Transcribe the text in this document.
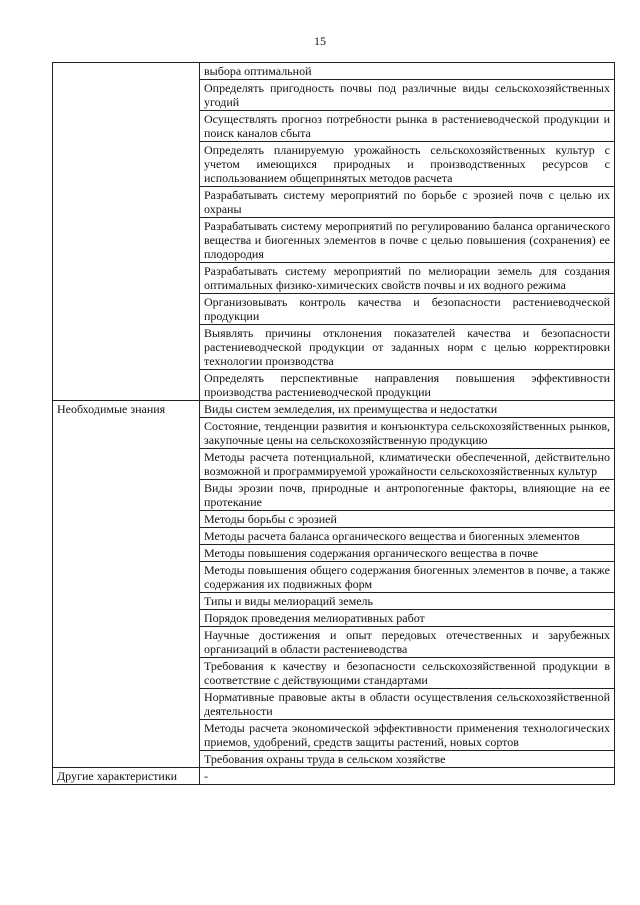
15
	выбора оптимальной
	Определять пригодность почвы под различные виды сельскохозяйственных угодий
	Осуществлять прогноз потребности рынка в растениеводческой продукции и поиск каналов сбыта
	Определять планируемую урожайность сельскохозяйственных культур с учетом имеющихся природных и производственных ресурсов с использованием общепринятых методов расчета
	Разрабатывать систему мероприятий по борьбе с эрозией почв с целью их охраны
	Разрабатывать систему мероприятий по регулированию баланса органического вещества и биогенных элементов в почве с целью повышения (сохранения) ее плодородия
	Разрабатывать систему мероприятий по мелиорации земель для создания оптимальных физико-химических свойств почвы и их водного режима
	Организовывать контроль качества и безопасности растениеводческой продукции
	Выявлять причины отклонения показателей качества и безопасности растениеводческой продукции от заданных норм с целью корректировки технологии производства
	Определять перспективные направления повышения эффективности производства растениеводческой продукции
Необходимые знания	Виды систем земледелия, их преимущества и недостатки
	Состояние, тенденции развития и конъюнктура сельскохозяйственных рынков, закупочные цены на сельскохозяйственную продукцию
	Методы расчета потенциальной, климатически обеспеченной, действительно возможной и программируемой урожайности сельскохозяйственных культур
	Виды эрозии почв, природные и антропогенные факторы, влияющие на ее протекание
	Методы борьбы с эрозией
	Методы расчета баланса органического вещества и биогенных элементов
	Методы повышения содержания органического вещества в почве
	Методы повышения общего содержания биогенных элементов в почве, а также содержания их подвижных форм
	Типы и виды мелиораций земель
	Порядок проведения мелиоративных работ
	Научные достижения и опыт передовых отечественных и зарубежных организаций в области растениеводства
	Требования к качеству и безопасности сельскохозяйственной продукции в соответствие с действующими стандартами
	Нормативные правовые акты в области осуществления сельскохозяйственной деятельности
	Методы расчета экономической эффективности применения технологических приемов, удобрений, средств защиты растений, новых сортов
	Требования охраны труда в сельском хозяйстве
Другие характеристики	-
